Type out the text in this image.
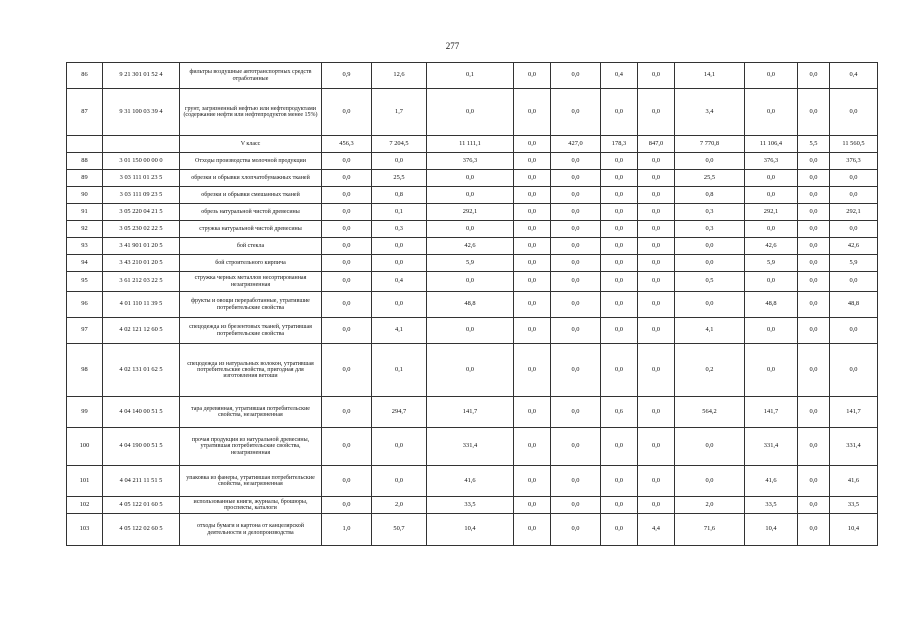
277
86	9 21 301 01 52 4	фильтры воздушные автотранспортных средств отработанные	0,9	12,6	0,1	0,0	0,0	0,4	0,0	14,1	0,0	0,0	0,4
87	9 31 100 03 39 4	грунт, загрязненный нефтью или нефтепродуктами (содержание нефти или нефтепродуктов менее 15%)	0,0	1,7	0,0	0,0	0,0	0,0	0,0	3,4	0,0	0,0	0,0
		V класс	456,3	7 204,5	11 111,1	0,0	427,0	178,3	847,0	7 770,8	11 106,4	5,5	11 560,5
88	3 01 150 00 00 0	Отходы производства молочной продукции	0,0	0,0	376,3	0,0	0,0	0,0	0,0	0,0	376,3	0,0	376,3
89	3 03 111 01 23 5	обрезки и обрывки хлопчатобумажных тканей	0,0	25,5	0,0	0,0	0,0	0,0	0,0	25,5	0,0	0,0	0,0
90	3 03 111 09 23 5	обрезки и обрывки смешанных тканей	0,0	0,8	0,0	0,0	0,0	0,0	0,0	0,8	0,0	0,0	0,0
91	3 05 220 04 21 5	обрезь натуральной чистой древесины	0,0	0,1	292,1	0,0	0,0	0,0	0,0	0,3	292,1	0,0	292,1
92	3 05 230 02 22 5	стружка натуральной чистой древесины	0,0	0,3	0,0	0,0	0,0	0,0	0,0	0,3	0,0	0,0	0,0
93	3 41 901 01 20 5	бой стекла	0,0	0,0	42,6	0,0	0,0	0,0	0,0	0,0	42,6	0,0	42,6
94	3 43 210 01 20 5	бой строительного кирпича	0,0	0,0	5,9	0,0	0,0	0,0	0,0	0,0	5,9	0,0	5,9
95	3 61 212 03 22 5	стружка черных металлов несортированная незагрязненная	0,0	0,4	0,0	0,0	0,0	0,0	0,0	0,5	0,0	0,0	0,0
96	4 01 110 11 39 5	фрукты и овощи переработанные, утратившие потребительские свойства	0,0	0,0	48,8	0,0	0,0	0,0	0,0	0,0	48,8	0,0	48,8
97	4 02 121 12 60 5	спецодежда из брезентовых тканей, утратившая потребительские свойства	0,0	4,1	0,0	0,0	0,0	0,0	0,0	4,1	0,0	0,0	0,0
98	4 02 131 01 62 5	спецодежда из натуральных волокон, утратившая потребительские свойства, пригодная для изготовления ветоши	0,0	0,1	0,0	0,0	0,0	0,0	0,0	0,2	0,0	0,0	0,0
99	4 04 140 00 51 5	тара деревянная, утратившая потребительские свойства, незагрязненная	0,0	294,7	141,7	0,0	0,0	0,6	0,0	564,2	141,7	0,0	141,7
100	4 04 190 00 51 5	прочая продукция из натуральной древесины, утратившая потребительские свойства, незагрязненная	0,0	0,0	331,4	0,0	0,0	0,0	0,0	0,0	331,4	0,0	331,4
101	4 04 211 11 51 5	упаковка из фанеры, утратившая потребительские свойства, незагрязненная	0,0	0,0	41,6	0,0	0,0	0,0	0,0	0,0	41,6	0,0	41,6
102	4 05 122 01 60 5	использованные книги, журналы, брошюры, проспекты, каталоги	0,0	2,0	33,5	0,0	0,0	0,0	0,0	2,0	33,5	0,0	33,5
103	4 05 122 02 60 5	отходы бумаги и картона от канцелярской деятельности и делопроизводства	1,0	50,7	10,4	0,0	0,0	0,0	4,4	71,6	10,4	0,0	10,4
